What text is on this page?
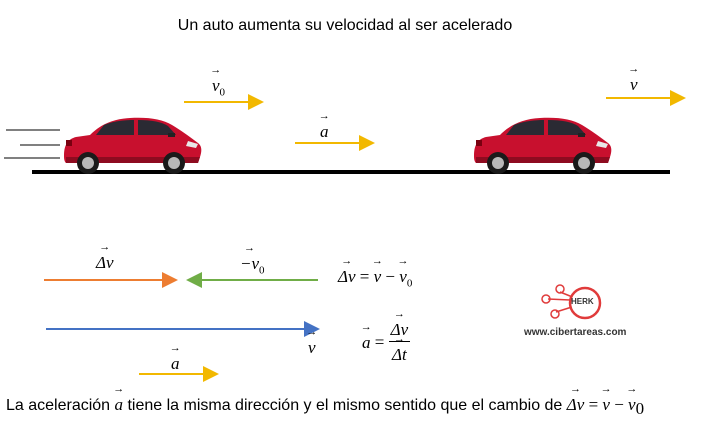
Un auto aumenta su velocidad al ser acelerado
→ $v_0$
→ a
→ v
→ Δv	→ $-v_0$
→ v
→ a
→ Δv = → v − → $v_0$
→ a = → Δv
→ Δt
HERK
www.cibertareas.com
La aceleración → a tiene la misma dirección y el mismo sentido que el cambio de → Δv = → v − → $v_0$
